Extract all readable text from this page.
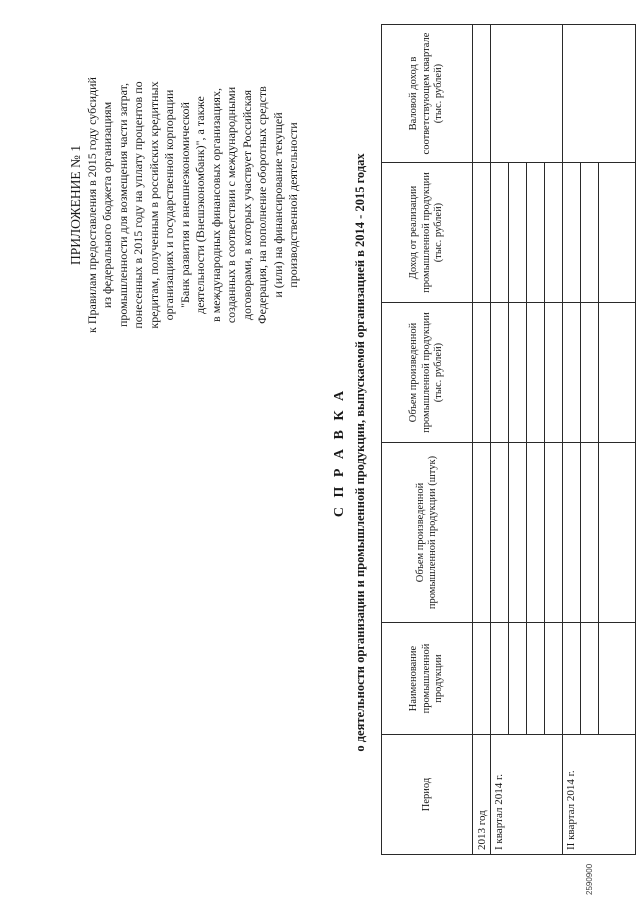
ПРИЛОЖЕНИЕ № 1 к Правилам предоставления в 2015 году субсидий из федерального бюджета организациям промышленности для возмещения части затрат, понесенных в 2015 году на уплату процентов по кредитам, полученным в российских кредитных организациях и государственной корпорации "Банк развития и внешнеэкономической деятельности (Внешэкономбанк)", а также в международных финансовых организациях, созданных в соответствии с международными договорами, в которых участвует Российская Федерация, на пополнение оборотных средств и (или) на финансирование текущей производственной деятельности
С П Р А В К А о деятельности организации и промышленной продукции, выпускаемой организацией в 2014 - 2015 годах
Период	Наименование промышленной продукции	Объем произведенной промышленной продукции (штук)	Объем произведенной промышленной продукции (тыс. рублей)	Доход от реализации промышленной продукции (тыс. рублей)	Валовой доход в соответствующем квартале (тыс. рублей)
2013 год					
I квартал 2014 г.					

II квартал 2014 г.					

2590900
